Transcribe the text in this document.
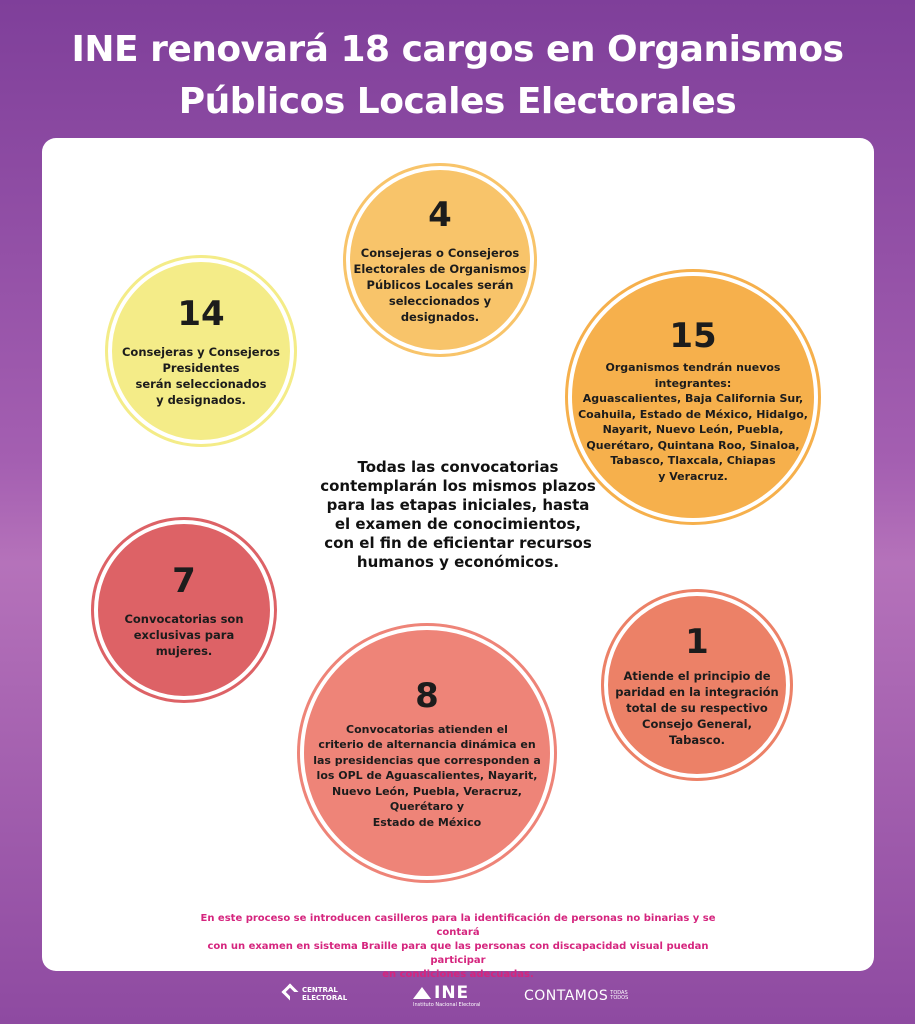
INE renovará 18 cargos en Organismos
Públicos Locales Electorales
4
Consejeras o Consejeros
Electorales de Organismos
Públicos Locales serán
seleccionados y designados.
14
Consejeras y Consejeros
Presidentes
serán seleccionados
y designados.
15
Organismos tendrán nuevos
integrantes:
Aguascalientes, Baja California Sur,
Coahuila, Estado de México, Hidalgo,
Nayarit, Nuevo León, Puebla,
Querétaro, Quintana Roo, Sinaloa,
Tabasco, Tlaxcala, Chiapas
y Veracruz.
Todas las convocatorias
contemplarán los mismos plazos
para las etapas iniciales, hasta
el examen de conocimientos,
con el fin de eficientar recursos
humanos y económicos.
7
Convocatorias son
exclusivas para
mujeres.	1
Atiende el principio de
paridad en la integración
total de su respectivo
Consejo General,
Tabasco.
8
Convocatorias atienden el
criterio de alternancia dinámica en
las presidencias que corresponden a
los OPL de Aguascalientes, Nayarit,
Nuevo León, Puebla, Veracruz,
Querétaro y
Estado de México
En este proceso se introducen casilleros para la identificación de personas no binarias y se contará
con un examen en sistema Braille para que las personas con discapacidad visual puedan participar
en condiciones adecuadas.
CENTRAL
ELECTORAL	INE
Instituto Nacional Electoral
CONTAMOS TODAS
TODOS
